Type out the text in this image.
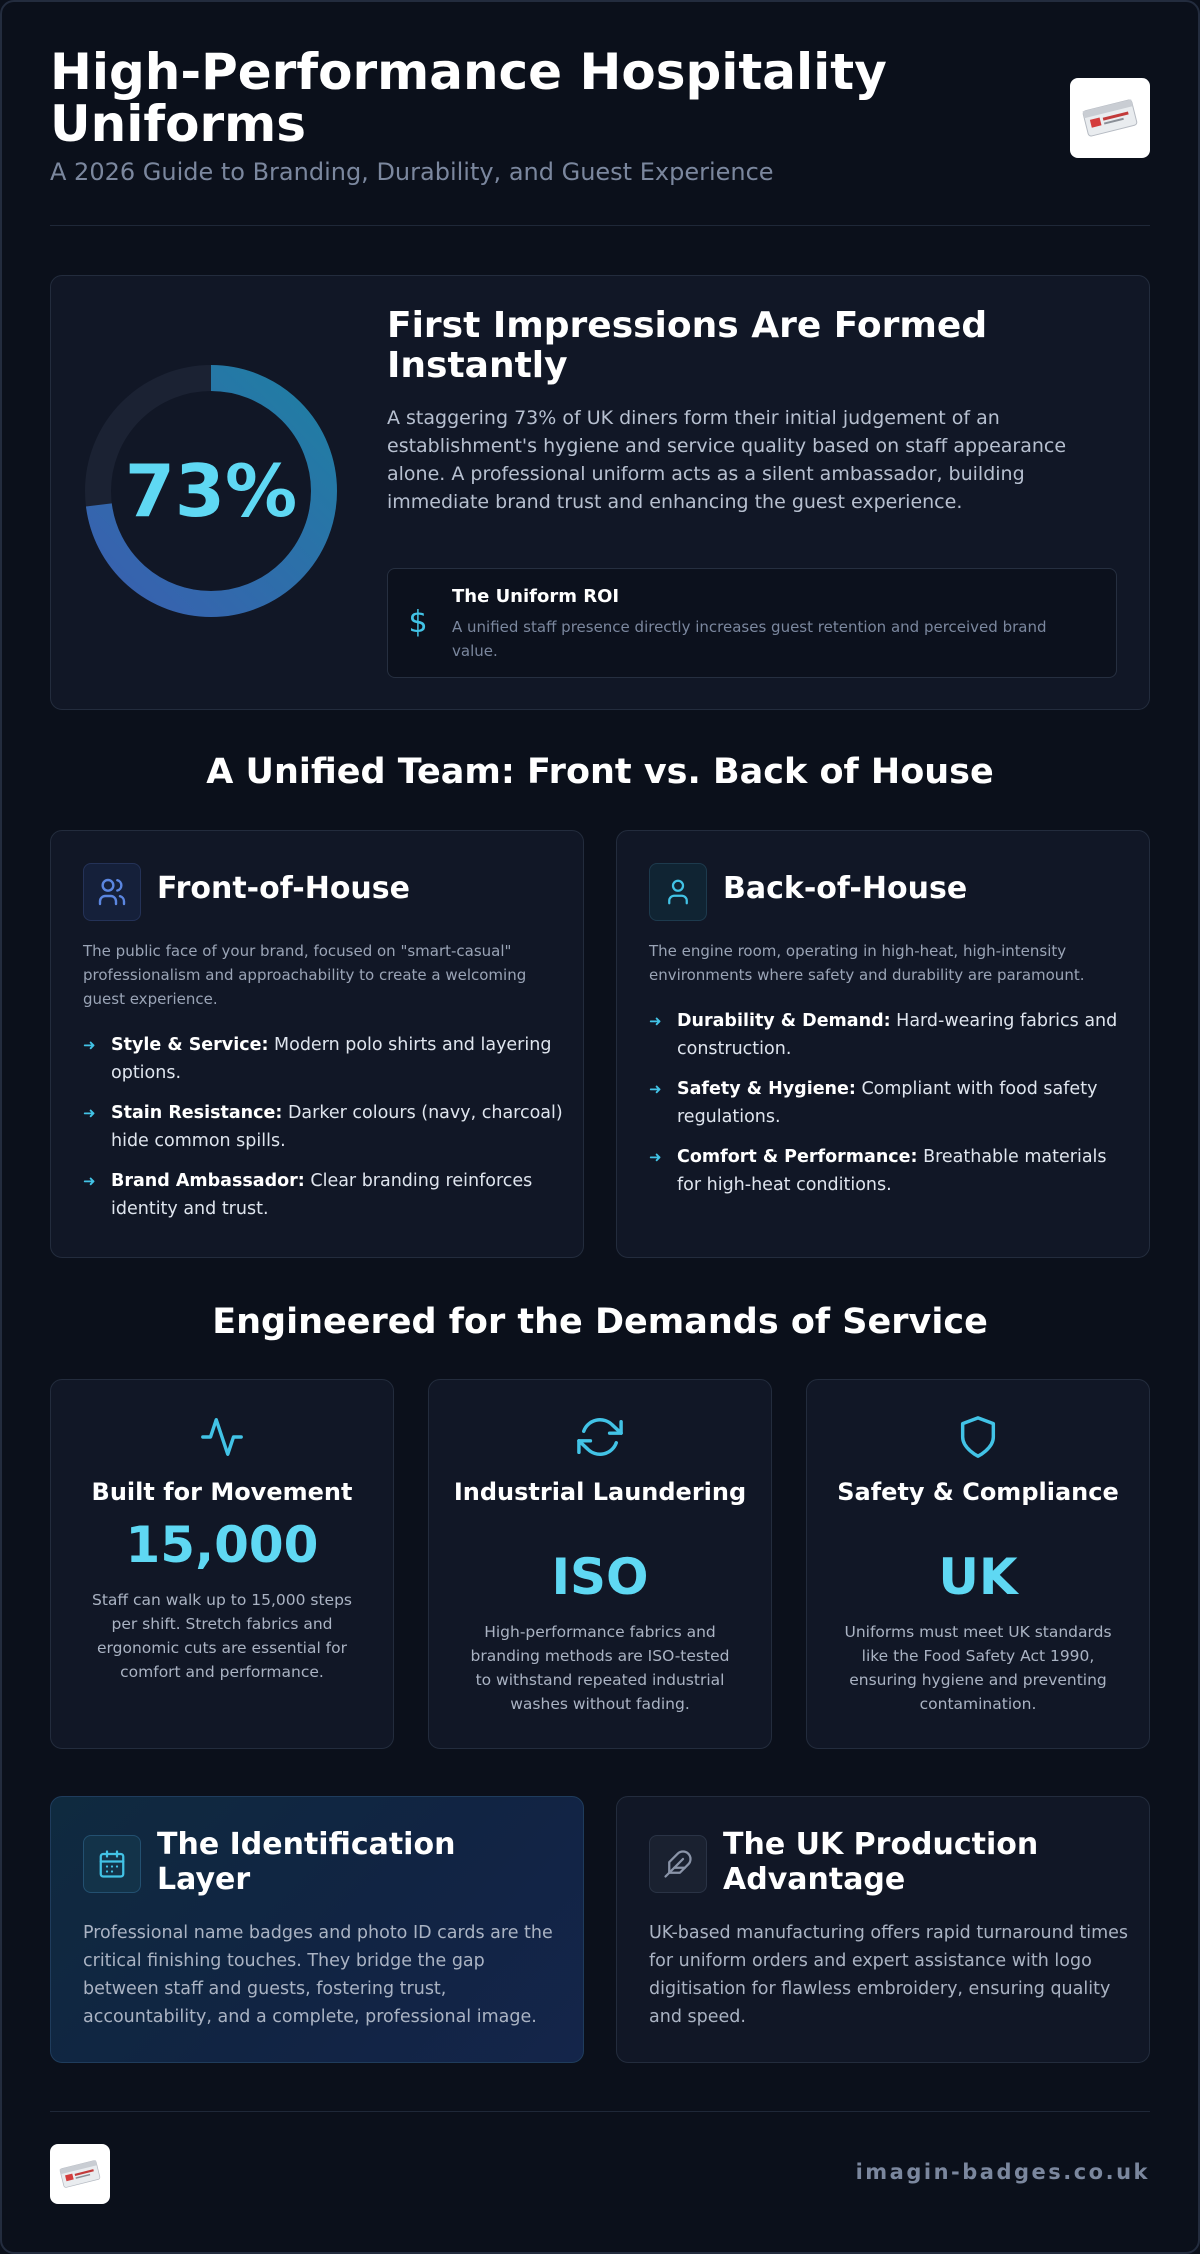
High-Performance Hospitality Uniforms
A 2026 Guide to Branding, Durability, and Guest Experience
73%
First Impressions Are Formed Instantly
A staggering 73% of UK diners form their initial judgement of an establishment's hygiene and service quality based on staff appearance alone. A professional uniform acts as a silent ambassador, building immediate brand trust and enhancing the guest experience.
$
The Uniform ROI
A unified staff presence directly increases guest retention and perceived brand value.
A Unified Team: Front vs. Back of House
Front-of-House
The public face of your brand, focused on "smart-casual" professionalism and approachability to create a welcoming guest experience.
➜ Style & Service: Modern polo shirts and layering options.
➜ Stain Resistance: Darker colours (navy, charcoal) hide common spills.
➜ Brand Ambassador: Clear branding reinforces identity and trust.
Back-of-House
The engine room, operating in high-heat, high-intensity environments where safety and durability are paramount.
➜ Durability & Demand: Hard-wearing fabrics and construction.
➜ Safety & Hygiene: Compliant with food safety regulations.
➜ Comfort & Performance: Breathable materials for high-heat conditions.
Engineered for the Demands of Service
Built for Movement
15,000
Staff can walk up to 15,000 steps per shift. Stretch fabrics and ergonomic cuts are essential for comfort and performance.
Industrial Laundering
ISO
High-performance fabrics and branding methods are ISO-tested to withstand repeated industrial washes without fading.
Safety & Compliance
UK
Uniforms must meet UK standards like the Food Safety Act 1990, ensuring hygiene and preventing contamination.
The Identification Layer
Professional name badges and photo ID cards are the critical finishing touches. They bridge the gap between staff and guests, fostering trust, accountability, and a complete, professional image.
The UK Production Advantage
UK-based manufacturing offers rapid turnaround times for uniform orders and expert assistance with logo digitisation for flawless embroidery, ensuring quality and speed.
imagin-badges.co.uk
